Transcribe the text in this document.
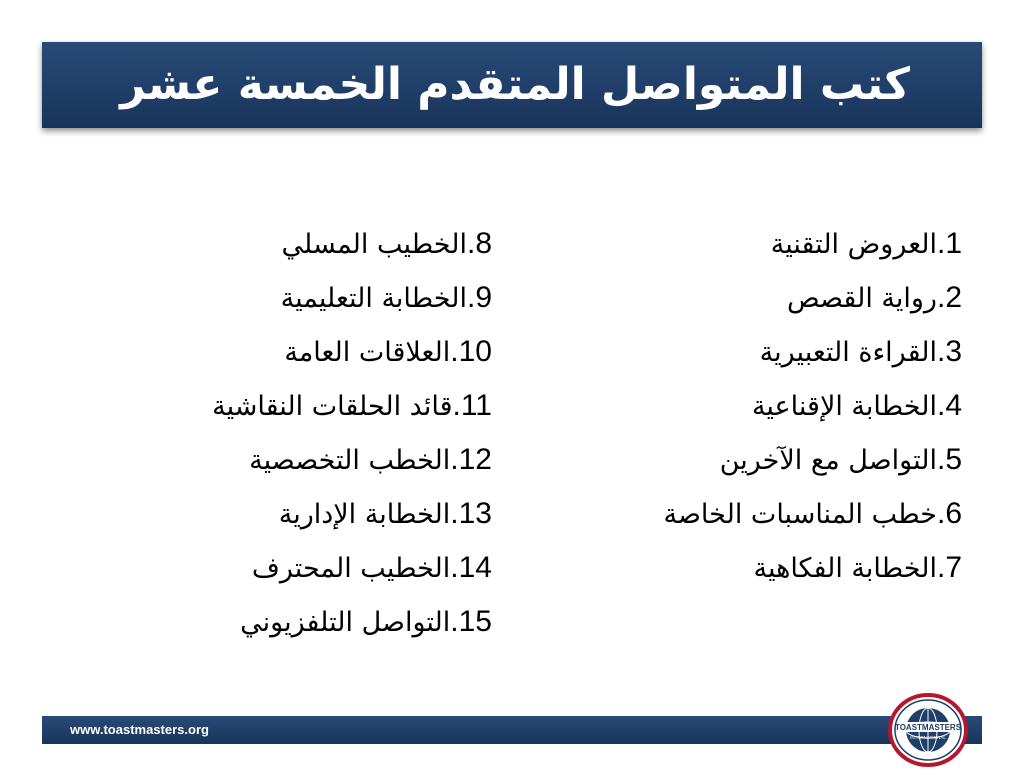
كتب المتواصل المتقدم الخمسة عشر
1.العروض التقنية
2.رواية القصص
3.القراءة التعبيرية
4.الخطابة الإقناعية
5.التواصل مع الآخرين
6.خطب المناسبات الخاصة
7.الخطابة الفكاهية
8.الخطيب المسلي
9.الخطابة التعليمية
10.العلاقات العامة
11.قائد الحلقات النقاشية
12.الخطب التخصصية
13.الخطابة الإدارية
14.الخطيب المحترف
15.التواصل التلفزيوني
www.toastmasters.org	TOASTMASTERS
INTERNATIONAL
